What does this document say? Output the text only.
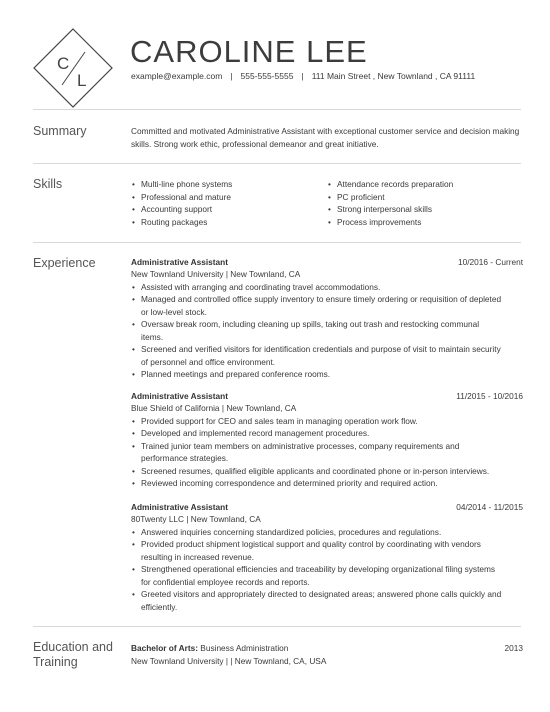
C
L
CAROLINE LEE
example@example.com | 555-555-5555 | 111 Main Street , New Townland , CA 91111
Summary	Committed and motivated Administrative Assistant with exceptional customer service and decision making skills. Strong work ethic, professional demeanor and great initiative.
Skills
•	Multi-line phone systems
• Professional and mature
• Accounting support
• Routing packages
• Attendance records preparation
• PC proficient
• Strong interpersonal skills
• Process improvements
Experience	Administrative Assistant	10/2016 - Current
New Townland University | New Townland, CA
• Assisted with arranging and coordinating travel accommodations.
• Managed and controlled office supply inventory to ensure timely ordering or requisition of depleted or low-level stock.
• Oversaw break room, including cleaning up spills, taking out trash and restocking communal items.
• Screened and verified visitors for identification credentials and purpose of visit to maintain security of personnel and office environment.
• Planned meetings and prepared conference rooms.
Administrative Assistant	11/2015 - 10/2016
Blue Shield of California | New Townland, CA
• Provided support for CEO and sales team in managing operation work flow.
• Developed and implemented record management procedures.
• Trained junior team members on administrative processes, company requirements and performance strategies.
• Screened resumes, qualified eligible applicants and coordinated phone or in-person interviews.
• Reviewed incoming correspondence and determined priority and required action.
Administrative Assistant	04/2014 - 11/2015
80Twenty LLC | New Townland, CA
• Answered inquiries concerning standardized policies, procedures and regulations.
• Provided product shipment logistical support and quality control by coordinating with vendors resulting in increased revenue.
• Strengthened operational efficiencies and traceability by developing organizational filing systems for confidential employee records and reports.
• Greeted visitors and appropriately directed to designated areas; answered phone calls quickly and efficiently.
Education and
Training
Bachelor of Arts: Business Administration	2013
New Townland University | | New Townland, CA, USA
